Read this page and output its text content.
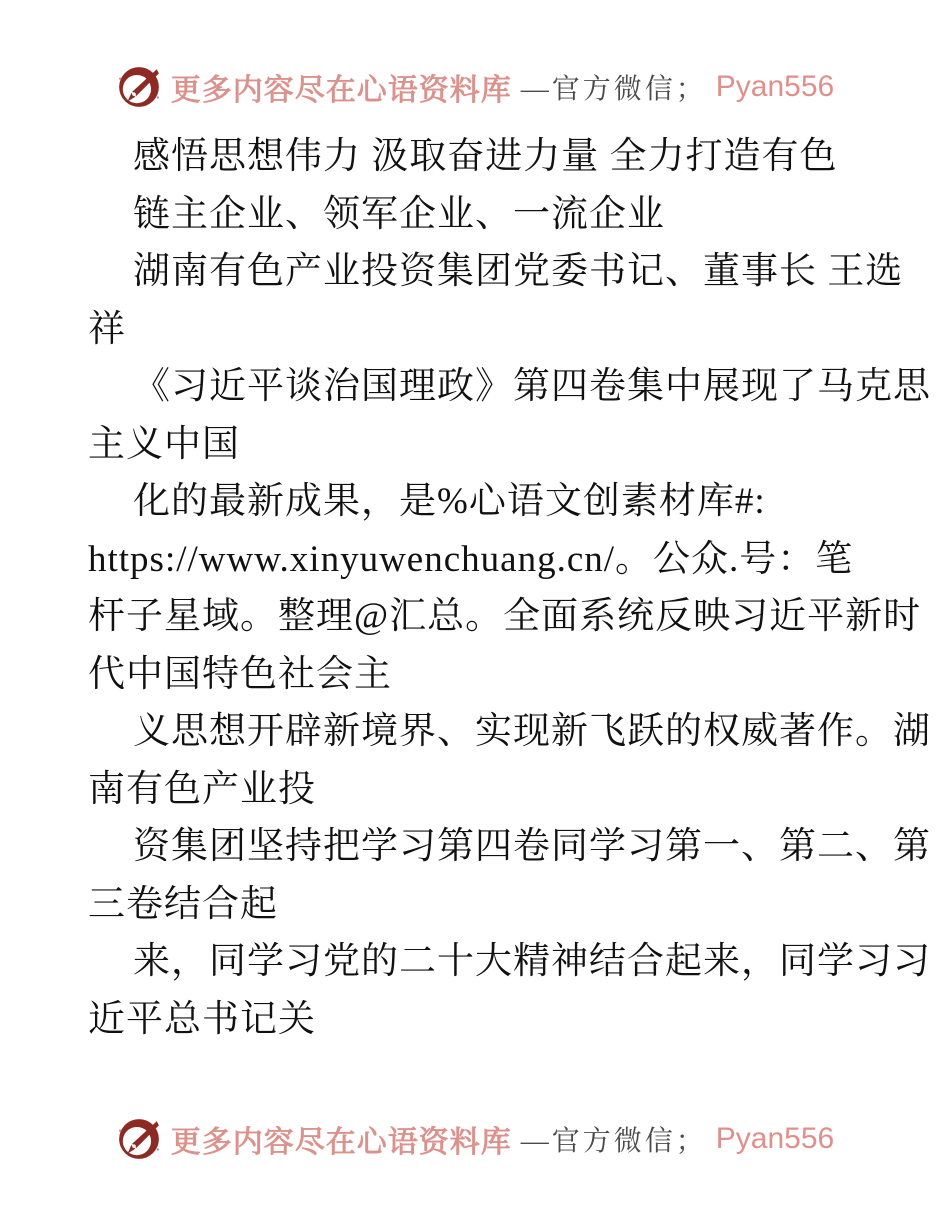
更多内容尽在心语资料库 —官方微信； Pyan556
感悟思想伟力 汲取奋进力量 全力打造有色
链主企业、领军企业、一流企业
湖南有色产业投资集团党委书记、董事长 王选
祥
《习近平谈治国理政》第四卷集中展现了马克思
主义中国
化的最新成果，是%心语文创素材库#:
https://www.xinyuwenchuang.cn/。公众.号：笔
杆子星域。整理@汇总。全面系统反映习近平新时
代中国特色社会主
义思想开辟新境界、实现新飞跃的权威著作。湖
南有色产业投
资集团坚持把学习第四卷同学习第一、第二、第
三卷结合起
来，同学习党的二十大精神结合起来，同学习习
近平总书记关
更多内容尽在心语资料库 —官方微信； Pyan556
